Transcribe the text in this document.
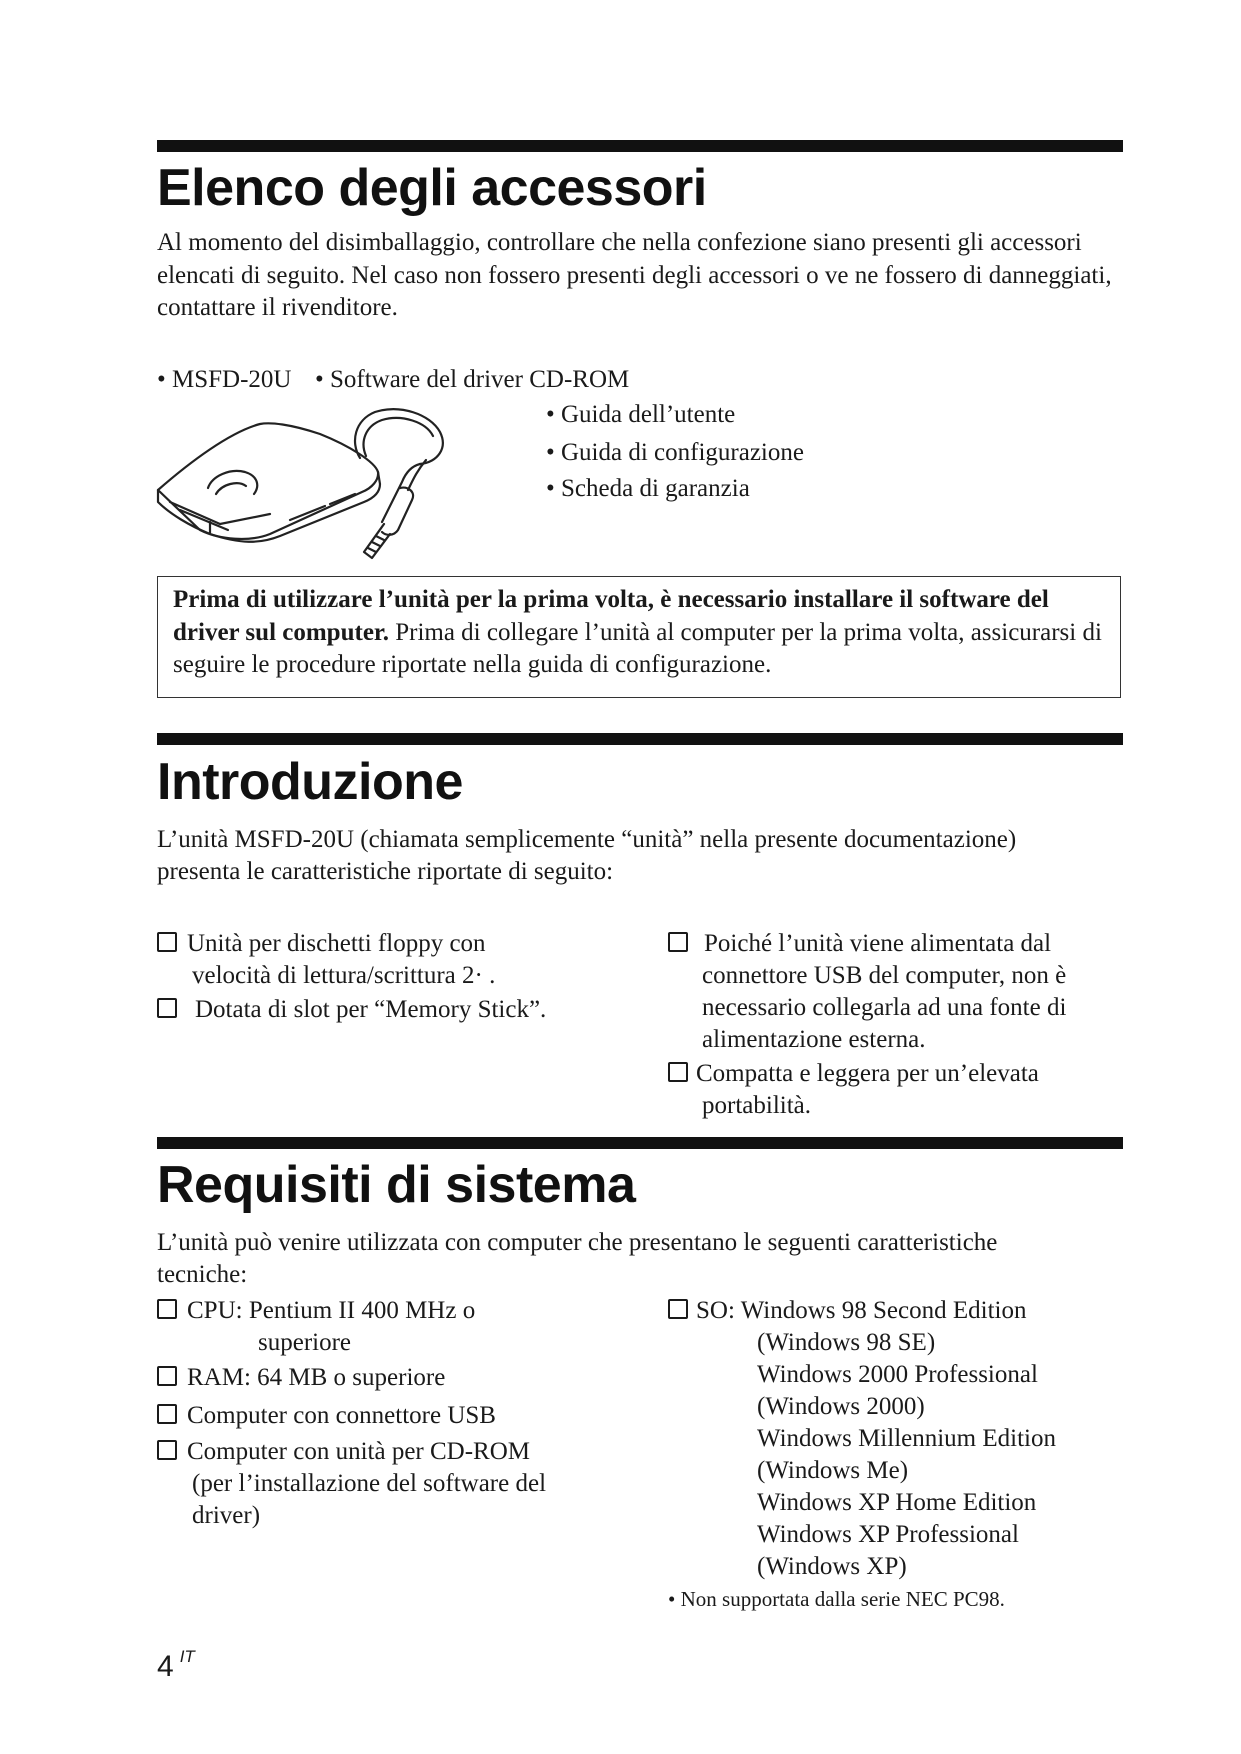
Elenco degli accessori
Al momento del disimballaggio, controllare che nella confezione siano presenti gli accessori elencati di seguito. Nel caso non fossero presenti degli accessori o ve ne fossero di danneggiati, contattare il rivenditore.
• MSFD-20U • Software del driver CD-ROM
• Guida dell’utente
• Guida di configurazione
• Scheda di garanzia
Prima di utilizzare l’unità per la prima volta, è necessario installare il software del driver sul computer. Prima di collegare l’unità al computer per la prima volta, assicurarsi di seguire le procedure riportate nella guida di configurazione.
Introduzione
L’unità MSFD-20U (chiamata semplicemente “unità” nella presente documentazione)
presenta le caratteristiche riportate di seguito:
Unità per dischetti floppy con
velocità di lettura/scrittura 2· .
Dotata di slot per “Memory Stick”.
Poiché l’unità viene alimentata dal
connettore USB del computer, non è
necessario collegarla ad una fonte di
alimentazione esterna.
Compatta e leggera per un’elevata
portabilità.
Requisiti di sistema
L’unità può venire utilizzata con computer che presentano le seguenti caratteristiche
tecniche:
CPU: Pentium II 400 MHz o
superiore
RAM: 64 MB o superiore
Computer con connettore USB
Computer con unità per CD-ROM
(per l’installazione del software del
driver)
SO: Windows 98 Second Edition
(Windows 98 SE)
Windows 2000 Professional
(Windows 2000)
Windows Millennium Edition
(Windows Me)
Windows XP Home Edition
Windows XP Professional
(Windows XP)
• Non supportata dalla serie NEC PC98.
4 $^{IT}$
